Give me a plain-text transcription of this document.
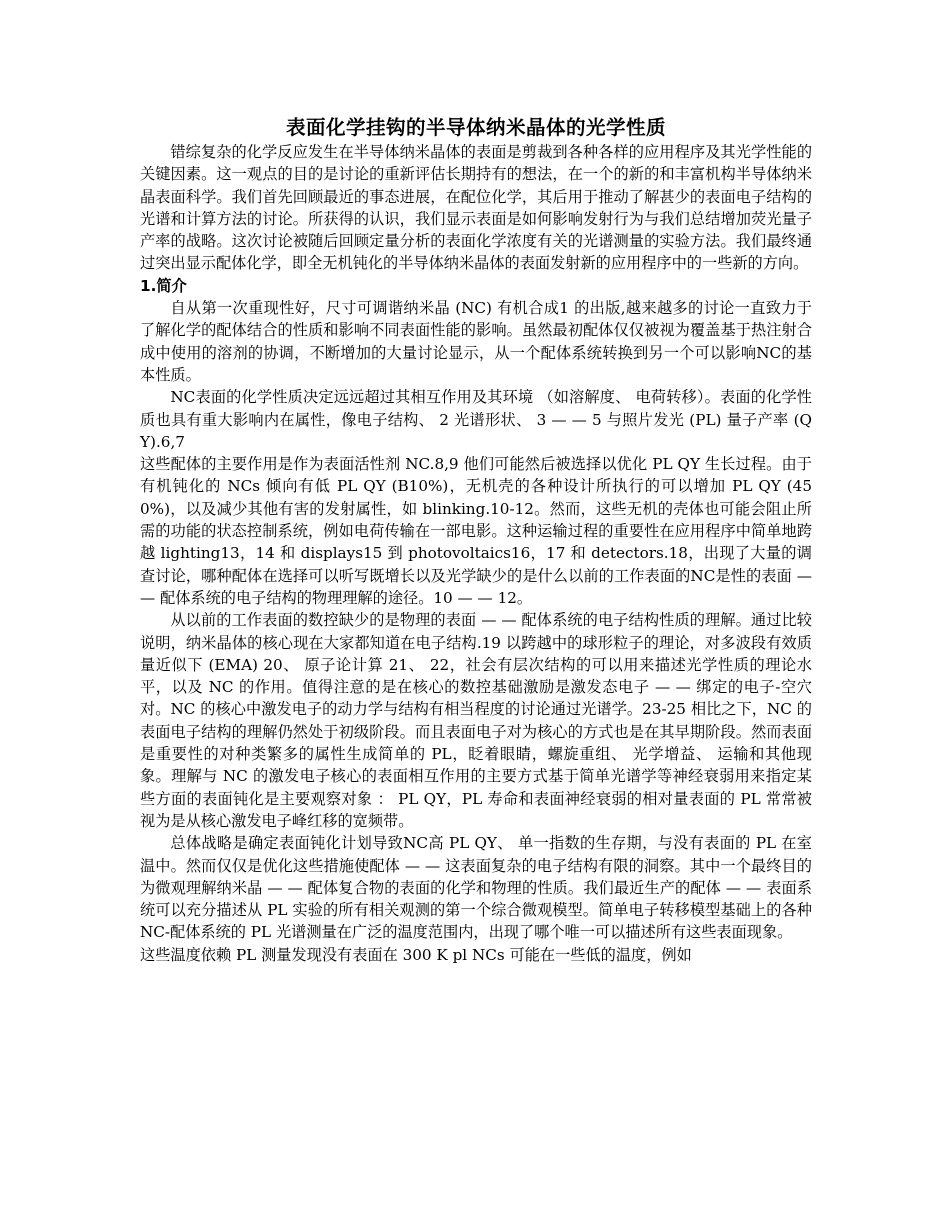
表面化学挂钩的半导体纳米晶体的光学性质

错综复杂的化学反应发生在半导体纳米晶体的表面是剪裁到各种各样的应用程序及其光学性能的关键因素。这一观点的目的是讨论的重新评估长期持有的想法，在一个的新的和丰富机构半导体纳米晶表面科学。我们首先回顾最近的事态进展，在配位化学，其后用于推动了解甚少的表面电子结构的光谱和计算方法的讨论。所获得的认识，我们显示表面是如何影响发射行为与我们总结增加荧光量子产率的战略。这次讨论被随后回顾定量分析的表面化学浓度有关的光谱测量的实验方法。我们最终通过突出显示配体化学，即全无机钝化的半导体纳米晶体的表面发射新的应用程序中的一些新的方向。

1.简介

自从第一次重现性好，尺寸可调谐纳米晶 (NC) 有机合成1 的出版,越来越多的讨论一直致力于了解化学的配体结合的性质和影响不同表面性能的影响。虽然最初配体仅仅被视为覆盖基于热注射合成中使用的溶剂的协调，不断增加的大量讨论显示，从一个配体系统转换到另一个可以影响NC的基本性质。

NC表面的化学性质决定远远超过其相互作用及其环境 （如溶解度、 电荷转移）。表面的化学性质也具有重大影响内在属性，像电子结构、 2 光谱形状、 3 — — 5 与照片发光 (PL) 量子产率 (QY).6,7

这些配体的主要作用是作为表面活性剂 NC.8,9 他们可能然后被选择以优化 PL QY 生长过程。由于有机钝化的 NCs 倾向有低 PL QY (B10%)，无机壳的各种设计所执行的可以增加 PL QY (450%)，以及减少其他有害的发射属性，如 blinking.10‑12。然而，这些无机的壳体也可能会阻止所需的功能的状态控制系统，例如电荷传输在一部电影。这种运输过程的重要性在应用程序中简单地跨越 lighting13，14 和 displays15 到 photovoltaics16，17 和 detectors.18，出现了大量的调查讨论，哪种配体在选择可以听写既增长以及光学缺少的是什么以前的工作表面的NC是性的表面 — — 配体系统的电子结构的物理理解的途径。10 — — 12。

从以前的工作表面的数控缺少的是物理的表面 — — 配体系统的电子结构性质的理解。通过比较说明，纳米晶体的核心现在大家都知道在电子结构.19 以跨越中的球形粒子的理论，对多波段有效质量近似下 (EMA) 20、 原子论计算 21、 22，社会有层次结构的可以用来描述光学性质的理论水平，以及 NC 的作用。值得注意的是在核心的数控基础激励是激发态电子 — — 绑定的电子-空穴对。NC 的核心中激发电子的动力学与结构有相当程度的讨论通过光谱学。23‑25 相比之下，NC 的表面电子结构的理解仍然处于初级阶段。而且表面电子对为核心的方式也是在其早期阶段。然而表面是重要性的对种类繁多的属性生成简单的 PL，眨着眼睛，螺旋重组、 光学增益、 运输和其他现象。理解与 NC 的激发电子核心的表面相互作用的主要方式基于简单光谱学等神经衰弱用来指定某些方面的表面钝化是主要观察对象 ： PL QY，PL 寿命和表面神经衰弱的相对量表面的 PL 常常被视为是从核心激发电子峰红移的宽频带。

总体战略是确定表面钝化计划导致NC高 PL QY、 单一指数的生存期，与没有表面的 PL 在室温中。然而仅仅是优化这些措施使配体 — — 这表面复杂的电子结构有限的洞察。其中一个最终目的为微观理解纳米晶 — — 配体复合物的表面的化学和物理的性质。我们最近生产的配体 — — 表面系统可以充分描述从 PL 实验的所有相关观测的第一个综合微观模型。简单电子转移模型基础上的各种NC-配体系统的 PL 光谱测量在广泛的温度范围内，出现了哪个唯一可以描述所有这些表面现象。

这些温度依赖 PL 测量发现没有表面在 300 K pl NCs 可能在一些低的温度，例如
